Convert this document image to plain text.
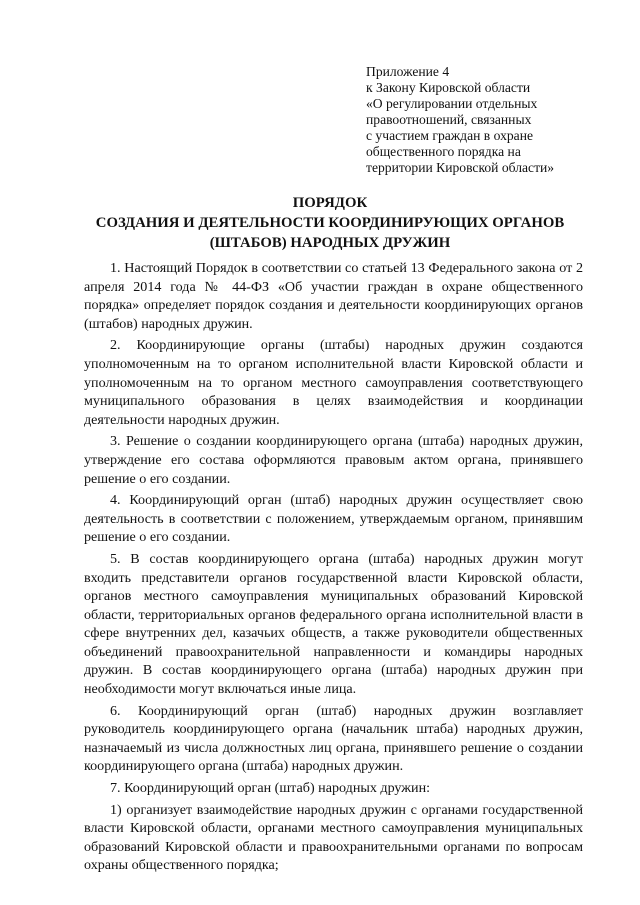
Приложение 4
к Закону Кировской области
«О регулировании отдельных
правоотношений, связанных
с участием граждан в охране
общественного порядка на
территории Кировской области»
ПОРЯДОК
СОЗДАНИЯ И ДЕЯТЕЛЬНОСТИ КООРДИНИРУЮЩИХ ОРГАНОВ
(ШТАБОВ) НАРОДНЫХ ДРУЖИН

1. Настоящий Порядок в соответствии со статьей 13 Федерального закона от 2 апреля 2014 года № 44-ФЗ «Об участии граждан в охране общественного порядка» определяет порядок создания и деятельности координирующих органов (штабов) народных дружин.

2. Координирующие органы (штабы) народных дружин создаются уполномоченным на то органом исполнительной власти Кировской области и уполномоченным на то органом местного самоуправления соответствующего муниципального образования в целях взаимодействия и координации деятельности народных дружин.

3. Решение о создании координирующего органа (штаба) народных дружин, утверждение его состава оформляются правовым актом органа, принявшего решение о его создании.

4. Координирующий орган (штаб) народных дружин осуществляет свою деятельность в соответствии с положением, утверждаемым органом, принявшим решение о его создании.

5. В состав координирующего органа (штаба) народных дружин могут входить представители органов государственной власти Кировской области, органов местного самоуправления муниципальных образований Кировской области, территориальных органов федерального органа исполнительной власти в сфере внутренних дел, казачьих обществ, а также руководители общественных объединений правоохранительной направленности и командиры народных дружин. В состав координирующего органа (штаба) народных дружин при необходимости могут включаться иные лица.

6. Координирующий орган (штаб) народных дружин возглавляет руководитель координирующего органа (начальник штаба) народных дружин, назначаемый из числа должностных лиц органа, принявшего решение о создании координирующего органа (штаба) народных дружин.

7. Координирующий орган (штаб) народных дружин:

1) организует взаимодействие народных дружин с органами государственной власти Кировской области, органами местного самоуправления муниципальных образований Кировской области и правоохранительными органами по вопросам охраны общественного порядка;
